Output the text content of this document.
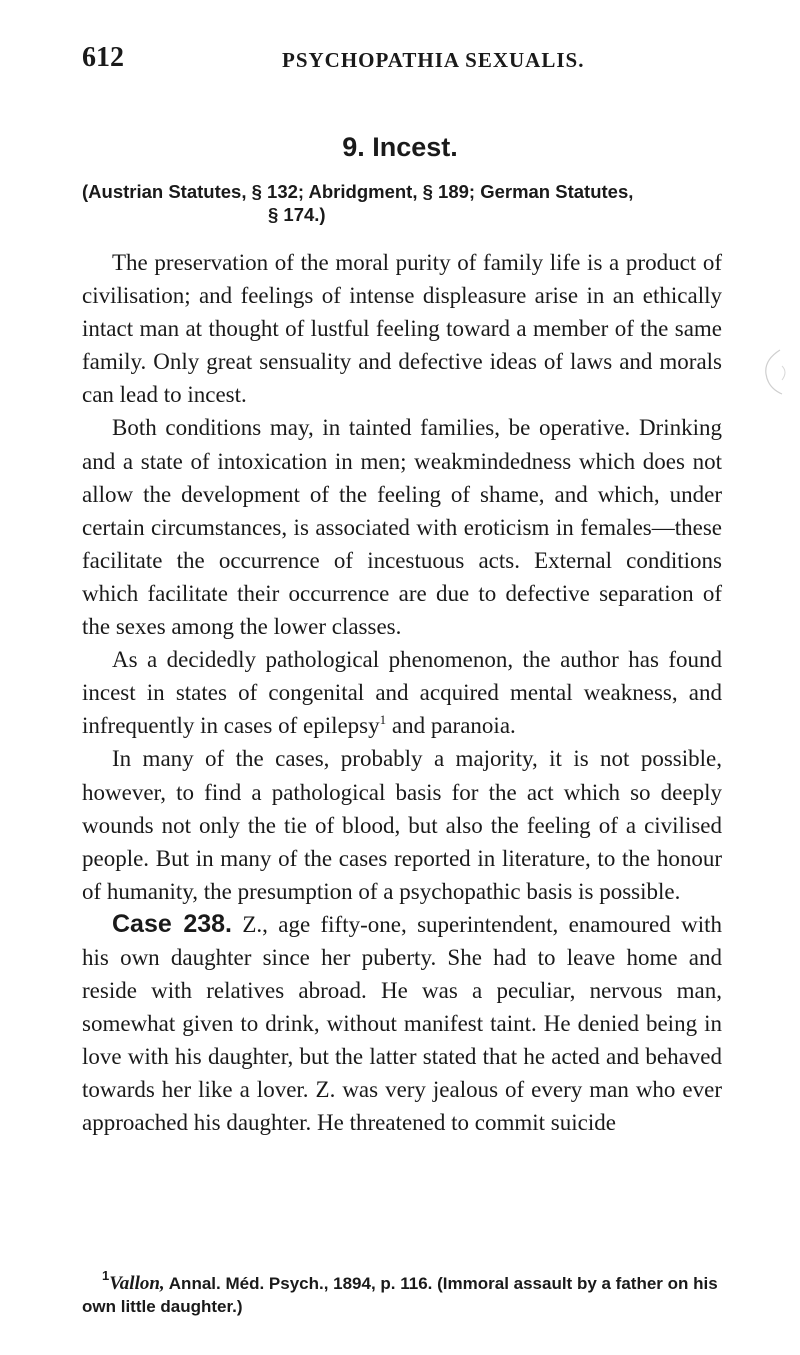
612	PSYCHOPATHIA SEXUALIS.
9. Incest.
(Austrian Statutes, § 132; Abridgment, § 189; German Statutes,
§ 174.)

The preservation of the moral purity of family life is a product of civilisation; and feelings of intense displeasure arise in an ethically intact man at thought of lustful feeling toward a member of the same family. Only great sensuality and defective ideas of laws and morals can lead to incest.

Both conditions may, in tainted families, be operative. Drinking and a state of intoxication in men; weakmindedness which does not allow the development of the feeling of shame, and which, under certain circumstances, is associated with eroticism in females—these facilitate the occurrence of incestuous acts. External conditions which facilitate their occurrence are due to defective separation of the sexes among the lower classes.

As a decidedly pathological phenomenon, the author has found incest in states of congenital and acquired mental weakness, and infrequently in cases of epilepsy$^1$ and paranoia.

In many of the cases, probably a majority, it is not possible, however, to find a pathological basis for the act which so deeply wounds not only the tie of blood, but also the feeling of a civilised people. But in many of the cases reported in literature, to the honour of humanity, the presumption of a psychopathic basis is possible.

Case 238. Z., age fifty-one, superintendent, enamoured with his own daughter since her puberty. She had to leave home and reside with relatives abroad. He was a peculiar, nervous man, somewhat given to drink, without manifest taint. He denied being in love with his daughter, but the latter stated that he acted and behaved towards her like a lover. Z. was very jealous of every man who ever approached his daughter. He threatened to commit suicide

$^1$Vallon, Annal. Méd. Psych., 1894, p. 116. (Immoral assault by a father on his own little daughter.)
